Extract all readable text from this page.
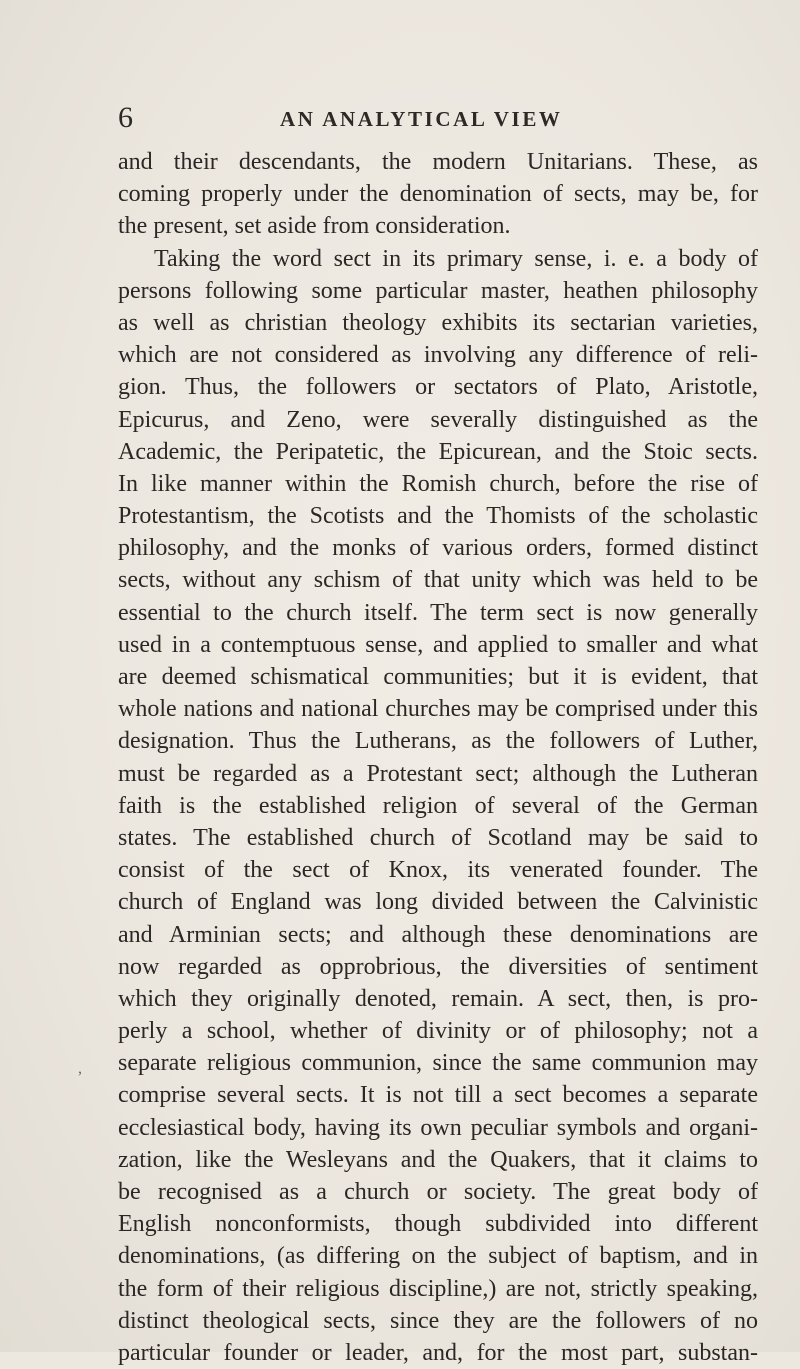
6	AN ANALYTICAL VIEW
,
and their descendants, the modern Unitarians. These, as
coming properly under the denomination of sects, may be, for
the present, set aside from consideration.
Taking the word sect in its primary sense, i. e. a body of
persons following some particular master, heathen philosophy
as well as christian theology exhibits its sectarian varieties,
which are not considered as involving any difference of reli-
gion. Thus, the followers or sectators of Plato, Aristotle,
Epicurus, and Zeno, were severally distinguished as the
Academic, the Peripatetic, the Epicurean, and the Stoic sects.
In like manner within the Romish church, before the rise of
Protestantism, the Scotists and the Thomists of the scholastic
philosophy, and the monks of various orders, formed distinct
sects, without any schism of that unity which was held to be
essential to the church itself. The term sect is now generally
used in a contemptuous sense, and applied to smaller and what
are deemed schismatical communities; but it is evident, that
whole nations and national churches may be comprised under this
designation. Thus the Lutherans, as the followers of Luther,
must be regarded as a Protestant sect; although the Lutheran
faith is the established religion of several of the German
states. The established church of Scotland may be said to
consist of the sect of Knox, its venerated founder. The
church of England was long divided between the Calvinistic
and Arminian sects; and although these denominations are
now regarded as opprobrious, the diversities of sentiment
which they originally denoted, remain. A sect, then, is pro-
perly a school, whether of divinity or of philosophy; not a
separate religious communion, since the same communion may
comprise several sects. It is not till a sect becomes a separate
ecclesiastical body, having its own peculiar symbols and organi-
zation, like the Wesleyans and the Quakers, that it claims to
be recognised as a church or society. The great body of
English nonconformists, though subdivided into different
denominations, (as differing on the subject of baptism, and in
the form of their religious discipline,) are not, strictly speaking,
distinct theological sects, since they are the followers of no
particular founder or leader, and, for the most part, substan-
